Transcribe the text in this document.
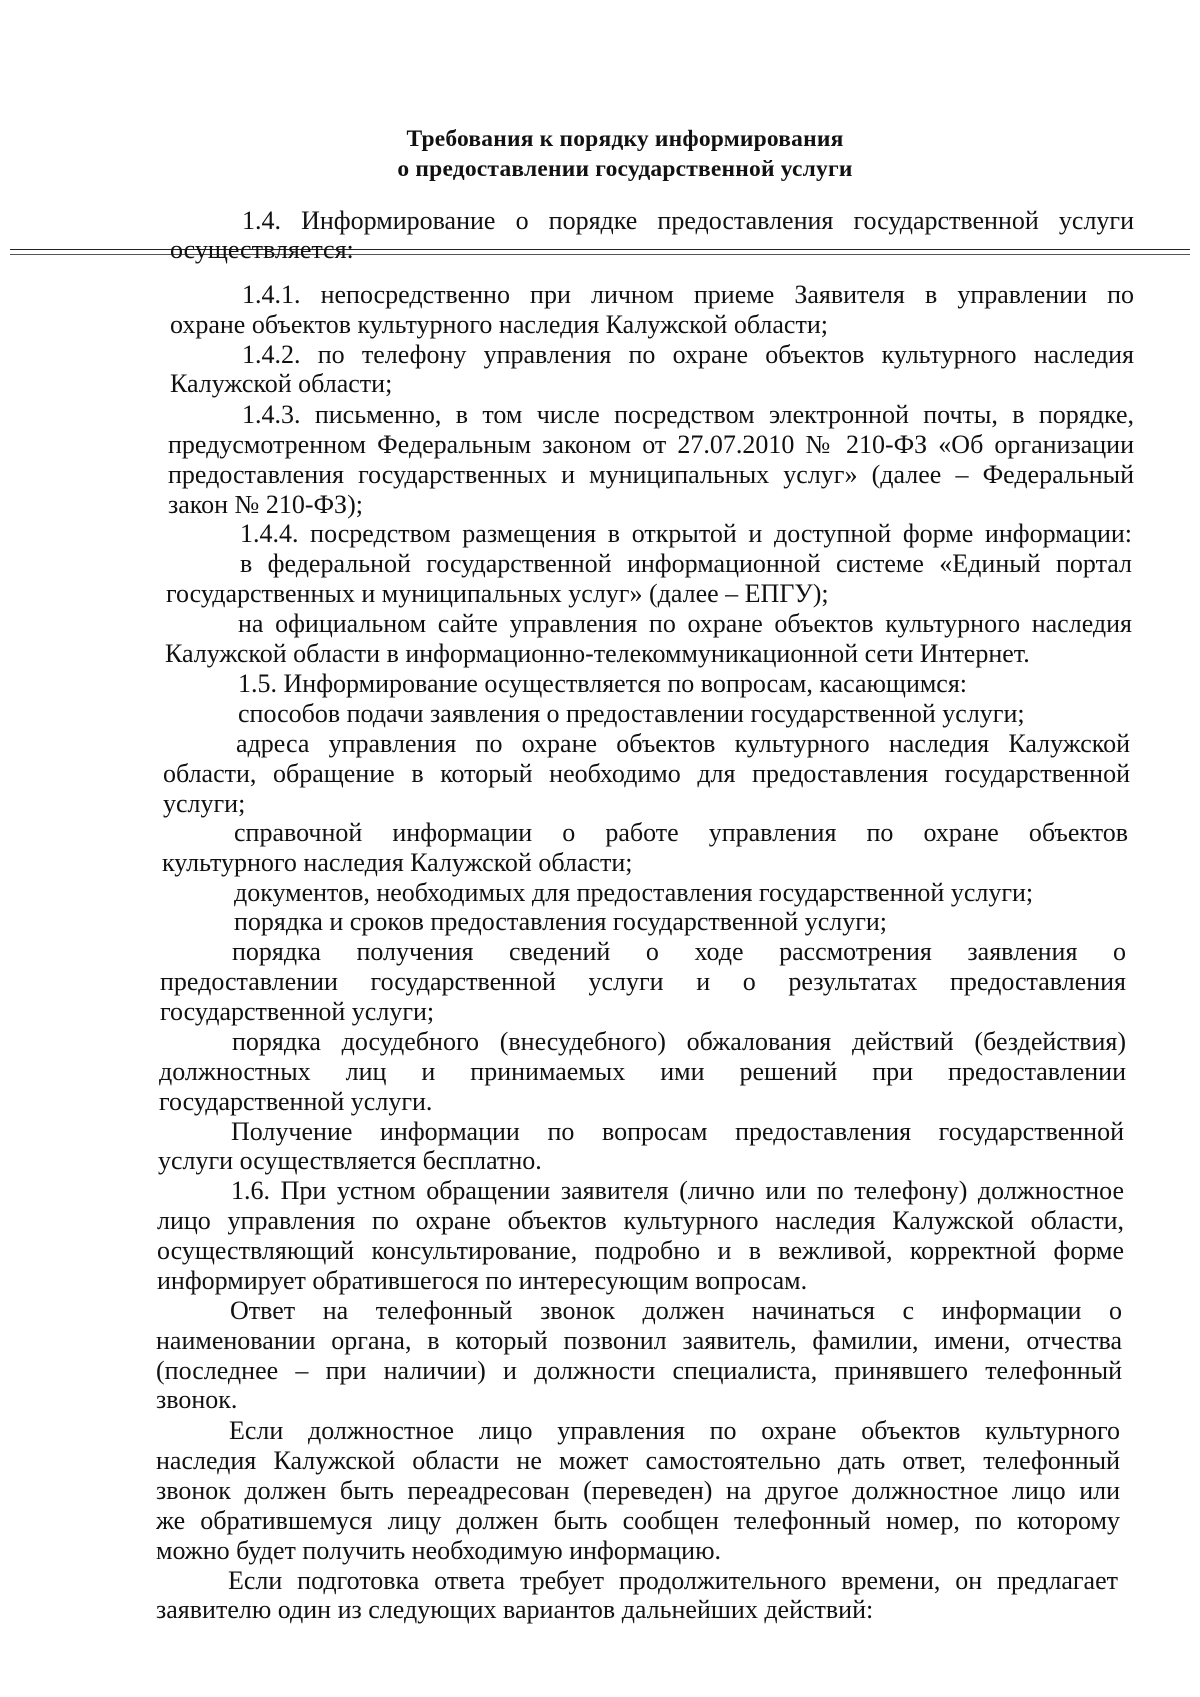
Требования к порядку информирования
о предоставлении государственной услуги
1.4. Информирование о порядке предоставления государственной услуги
осуществляется:
1.4.1. непосредственно при личном приеме Заявителя в управлении по
охране объектов культурного наследия Калужской области;
1.4.2. по телефону управления по охране объектов культурного наследия
Калужской области;
1.4.3. письменно, в том числе посредством электронной почты, в порядке,
предусмотренном Федеральным законом от 27.07.2010 № 210-ФЗ «Об организации
предоставления государственных и муниципальных услуг» (далее – Федеральный
закон № 210-ФЗ);
1.4.4. посредством размещения в открытой и доступной форме информации:
в федеральной государственной информационной системе «Единый портал
государственных и муниципальных услуг» (далее – ЕПГУ);
на официальном сайте управления по охране объектов культурного наследия
Калужской области в информационно-телекоммуникационной сети Интернет.
1.5. Информирование осуществляется по вопросам, касающимся:
способов подачи заявления о предоставлении государственной услуги;
адреса управления по охране объектов культурного наследия Калужской
области, обращение в который необходимо для предоставления государственной
услуги;
справочной информации о работе управления по охране объектов
культурного наследия Калужской области;
документов, необходимых для предоставления государственной услуги;
порядка и сроков предоставления государственной услуги;
порядка получения сведений о ходе рассмотрения заявления о
предоставлении государственной услуги и о результатах предоставления
государственной услуги;
порядка досудебного (внесудебного) обжалования действий (бездействия)
должностных лиц и принимаемых ими решений при предоставлении
государственной услуги.
Получение информации по вопросам предоставления государственной
услуги осуществляется бесплатно.
1.6. При устном обращении заявителя (лично или по телефону) должностное
лицо управления по охране объектов культурного наследия Калужской области,
осуществляющий консультирование, подробно и в вежливой, корректной форме
информирует обратившегося по интересующим вопросам.
Ответ на телефонный звонок должен начинаться с информации о
наименовании органа, в который позвонил заявитель, фамилии, имени, отчества
(последнее – при наличии) и должности специалиста, принявшего телефонный
звонок.
Если должностное лицо управления по охране объектов культурного
наследия Калужской области не может самостоятельно дать ответ, телефонный
звонок должен быть переадресован (переведен) на другое должностное лицо или
же обратившемуся лицу должен быть сообщен телефонный номер, по которому
можно будет получить необходимую информацию.
Если подготовка ответа требует продолжительного времени, он предлагает
заявителю один из следующих вариантов дальнейших действий:
